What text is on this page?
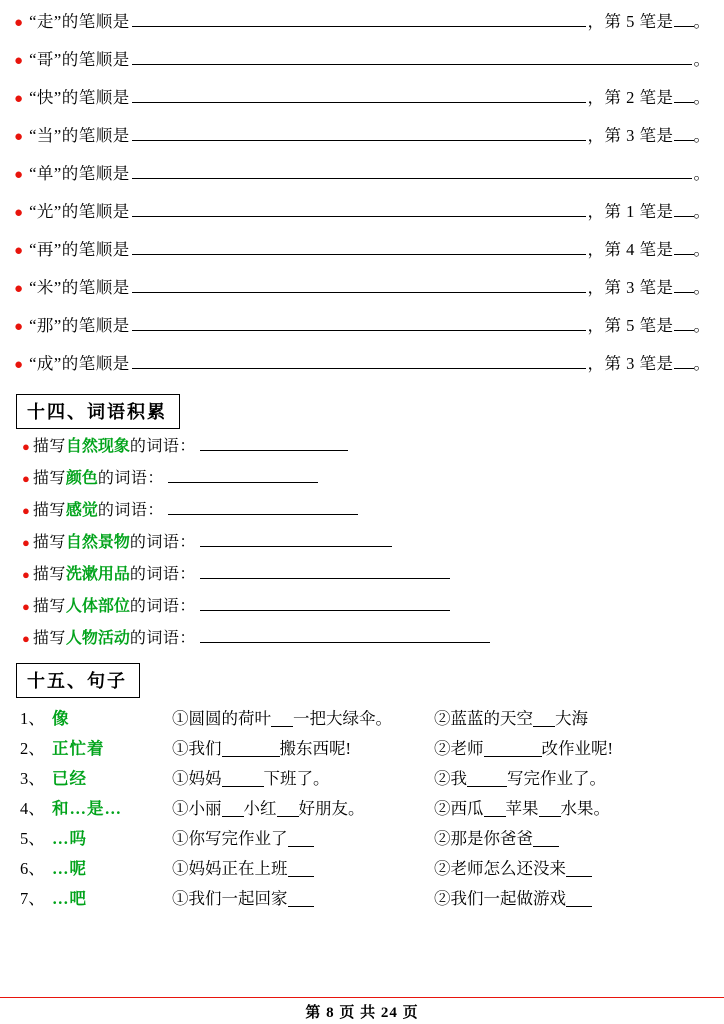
● “走” 的笔顺是	，第 5 笔是 。
● “哥” 的笔顺是	。
● “快” 的笔顺是	，第 2 笔是 。
● “当” 的笔顺是	，第 3 笔是 。
● “单” 的笔顺是	。
● “光” 的笔顺是	，第 1 笔是 。
● “再” 的笔顺是	，第 4 笔是 。
● “米” 的笔顺是	，第 3 笔是 。
● “那” 的笔顺是	，第 5 笔是 。
● “成” 的笔顺是	，第 3 笔是 。
十四、词语积累
● 描写 自然现象 的词语：
● 描写 颜色 的词语：
● 描写 感觉 的词语：
● 描写 自然景物 的词语：
● 描写 洗漱用品 的词语：
● 描写 人体部位 的词语：
● 描写 人物活动 的词语：
十五、句子
1、	像	①圆圆的荷叶 一把大绿伞。	②蓝蓝的天空 大海
2、	正忙着	①我们 搬东西呢!	②老师 改作业呢!
3、	已经	①妈妈 下班了。	②我 写完作业了。
4、	和…是…	①小丽 小红 好朋友。	②西瓜 苹果 水果。
5、	…吗	①你写完作业了	②那是你爸爸
6、	…呢	①妈妈正在上班	②老师怎么还没来
7、	…吧	①我们一起回家	②我们一起做游戏
第 8 页 共 24 页
